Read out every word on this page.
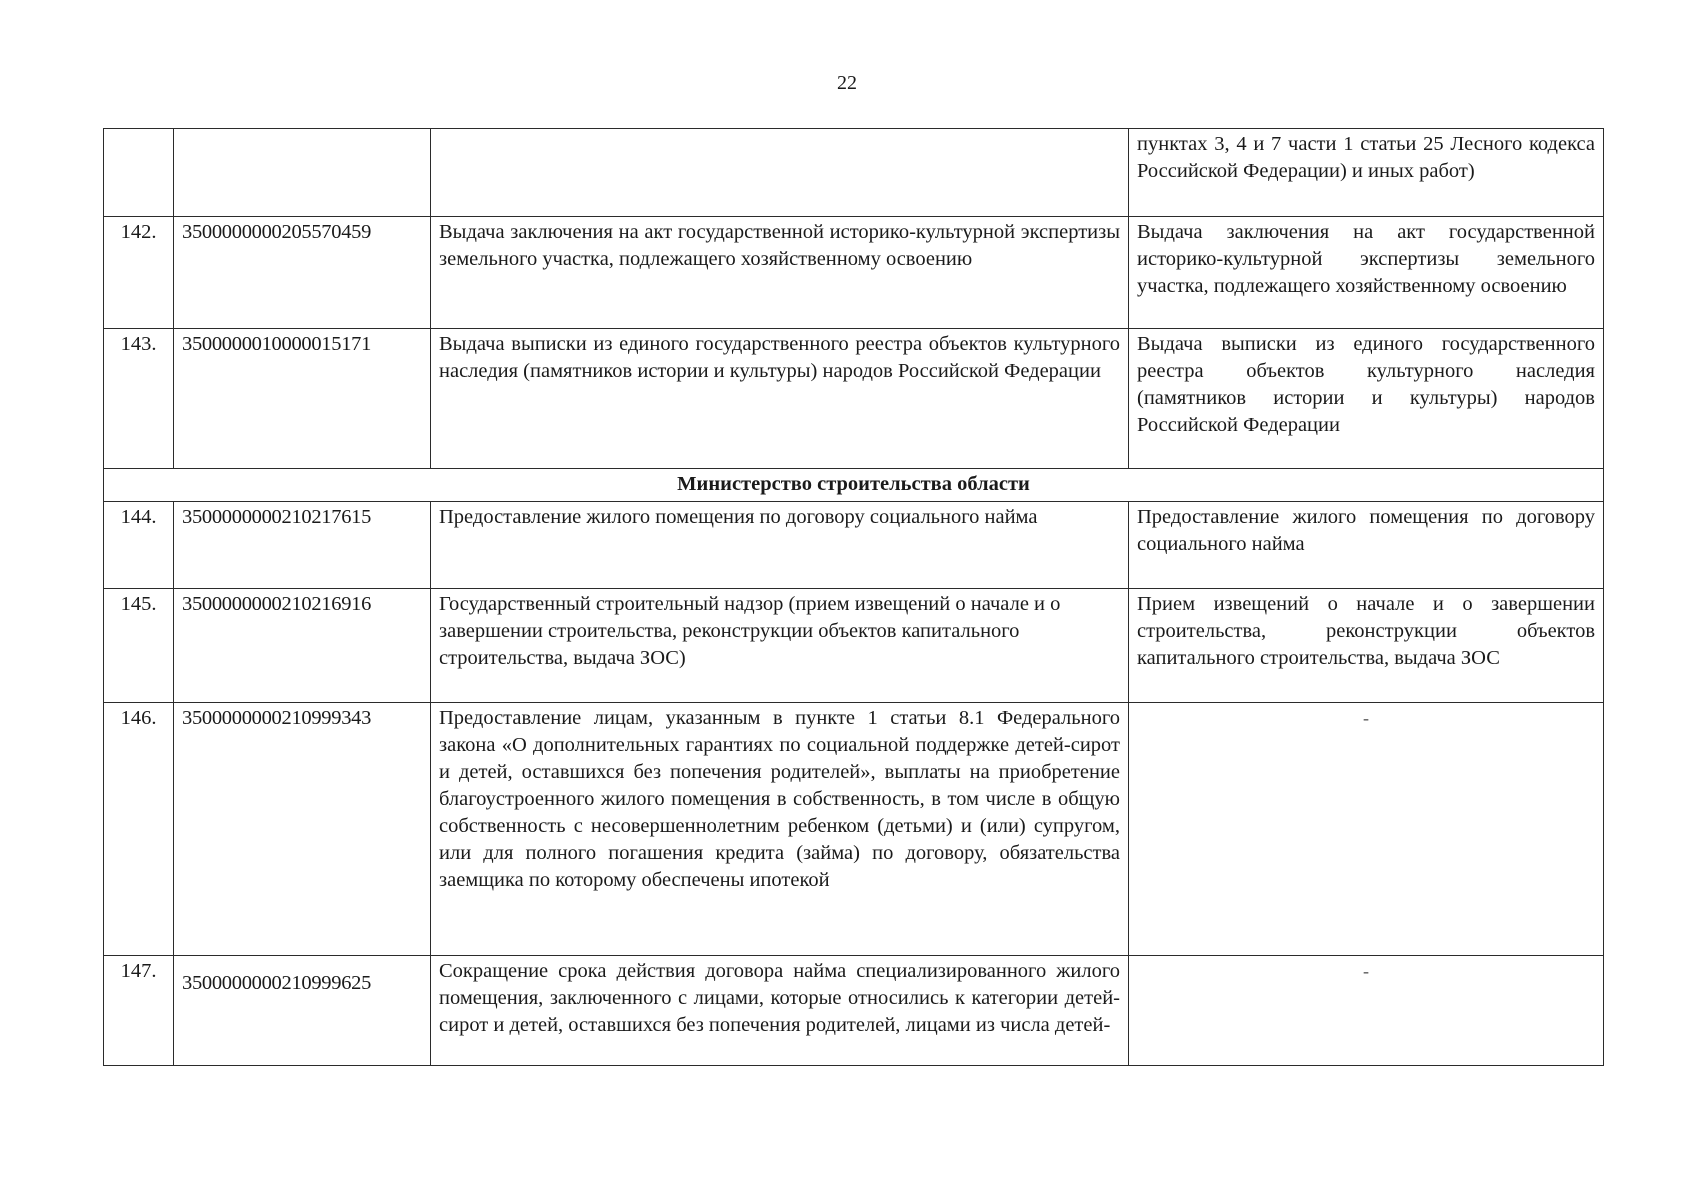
22
			пунктах 3, 4 и 7 части 1 статьи 25 Лесного кодекса Российской Федерации) и иных работ)
142.	3500000000205570459	Выдача заключения на акт государственной историко-культурной экспертизы земельного участка, подлежащего хозяйственному освоению	Выдача заключения на акт государственной историко-культурной экспертизы земельного участка, подлежащего хозяйственному освоению
143.	3500000010000015171	Выдача выписки из единого государственного реестра объектов культурного наследия (памятников истории и культуры) народов Российской Федерации	Выдача выписки из единого государственного реестра объектов культурного наследия (памятников истории и культуры) народов Российской Федерации
Министерство строительства области			
144.	3500000000210217615	Предоставление жилого помещения по договору социального найма	Предоставление жилого помещения по договору социального найма
145.	3500000000210216916	Государственный строительный надзор (прием извещений о начале и о завершении строительства, реконструкции объектов капитального строительства, выдача ЗОС)	Прием извещений о начале и о завершении строительства, реконструкции объектов капитального строительства, выдача ЗОС
146.	3500000000210999343	Предоставление лицам, указанным в пункте 1 статьи 8.1 Федерального закона «О дополнительных гарантиях по социальной поддержке детей-сирот и детей, оставшихся без попечения родителей», выплаты на приобретение благоустроенного жилого помещения в собственность, в том числе в общую собственность с несовершеннолетним ребенком (детьми) и (или) супругом, или для полного погашения кредита (займа) по договору, обязательства заемщика по которому обеспечены ипотекой	-
147.	3500000000210999625	Сокращение срока действия договора найма специализированного жилого помещения, заключенного с лицами, которые относились к категории детей-сирот и детей, оставшихся без попечения родителей, лицами из числа детей-	-
